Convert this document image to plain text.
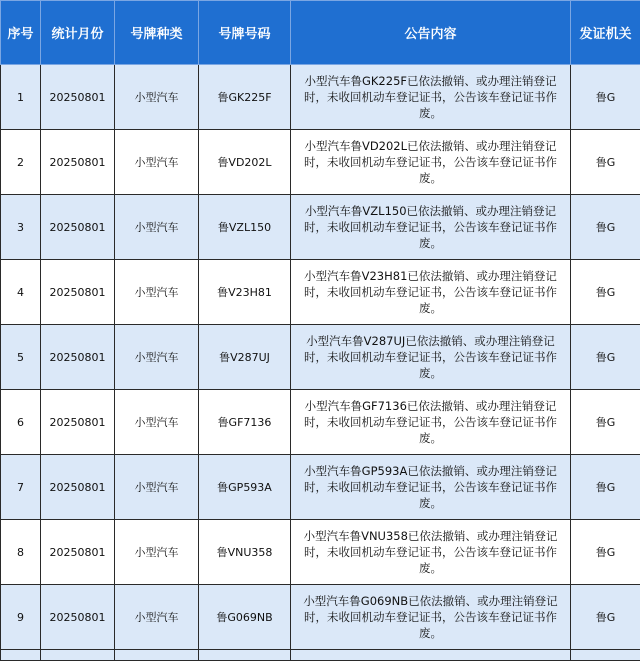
序号	统计月份	号牌种类	号牌号码	公告内容	发证机关
1	20250801	小型汽车	鲁GK225F	小型汽车鲁GK225F已依法撤销、或办理注销登记时，未收回机动车登记证书，公告该车登记证书作废。	鲁G
2	20250801	小型汽车	鲁VD202L	小型汽车鲁VD202L已依法撤销、或办理注销登记时，未收回机动车登记证书，公告该车登记证书作废。	鲁G
3	20250801	小型汽车	鲁VZL150	小型汽车鲁VZL150已依法撤销、或办理注销登记时，未收回机动车登记证书，公告该车登记证书作废。	鲁G
4	20250801	小型汽车	鲁V23H81	小型汽车鲁V23H81已依法撤销、或办理注销登记时，未收回机动车登记证书，公告该车登记证书作废。	鲁G
5	20250801	小型汽车	鲁V287UJ	小型汽车鲁V287UJ已依法撤销、或办理注销登记时，未收回机动车登记证书，公告该车登记证书作废。	鲁G
6	20250801	小型汽车	鲁GF7136	小型汽车鲁GF7136已依法撤销、或办理注销登记时，未收回机动车登记证书，公告该车登记证书作废。	鲁G
7	20250801	小型汽车	鲁GP593A	小型汽车鲁GP593A已依法撤销、或办理注销登记时，未收回机动车登记证书，公告该车登记证书作废。	鲁G
8	20250801	小型汽车	鲁VNU358	小型汽车鲁VNU358已依法撤销、或办理注销登记时，未收回机动车登记证书，公告该车登记证书作废。	鲁G
9	20250801	小型汽车	鲁G069NB	小型汽车鲁G069NB已依法撤销、或办理注销登记时，未收回机动车登记证书，公告该车登记证书作废。	鲁G
